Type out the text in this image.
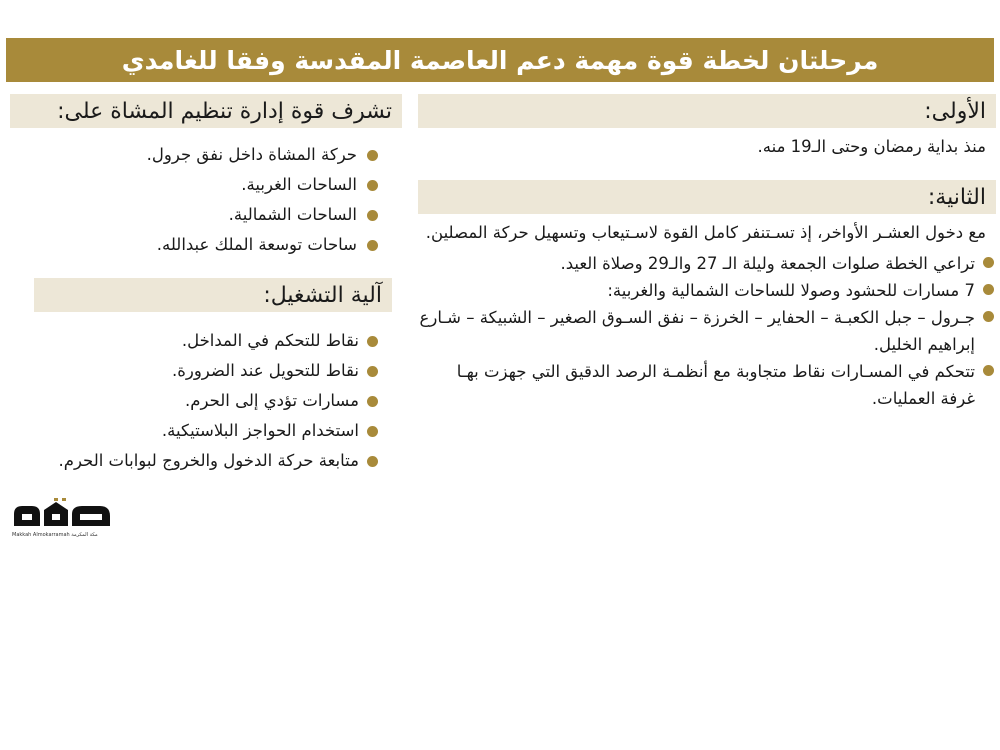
مرحلتان لخطة قوة مهمة دعم العاصمة المقدسة وفقا للغامدي
تشرف قوة إدارة تنظيم المشاة على:
حركة المشاة داخل نفق جرول.
الساحات الغربية.
الساحات الشمالية.
ساحات توسعة الملك عبدالله.
آلية التشغيل:
نقاط للتحكم في المداخل.
نقاط للتحويل عند الضرورة.
مسارات تؤدي إلى الحرم.
استخدام الحواجز البلاستيكية.
متابعة حركة الدخول والخروج لبوابات الحرم.
الأولى:
منذ بداية رمضان وحتى الـ19 منه.
الثانية:
مع دخول العشـر الأواخر، إذ تسـتنفر كامل القوة لاسـتيعاب وتسهيل حركة المصلين.
تراعي الخطة صلوات الجمعة وليلة الـ 27 والـ29 وصلاة العيد.
7 مسارات للحشود وصولا للساحات الشمالية والغربية:
جـرول – جبل الكعبـة – الحفاير – الخرزة – نفق السـوق الصغير – الشبيكة – شـارع إبراهيم الخليل.
تتحكم في المسـارات نقاط متجاوبة مع أنظمـة الرصد الدقيق التي جهزت بهـا غرفة العمليات.
Makkah Almokarramah مكة المكرمة
